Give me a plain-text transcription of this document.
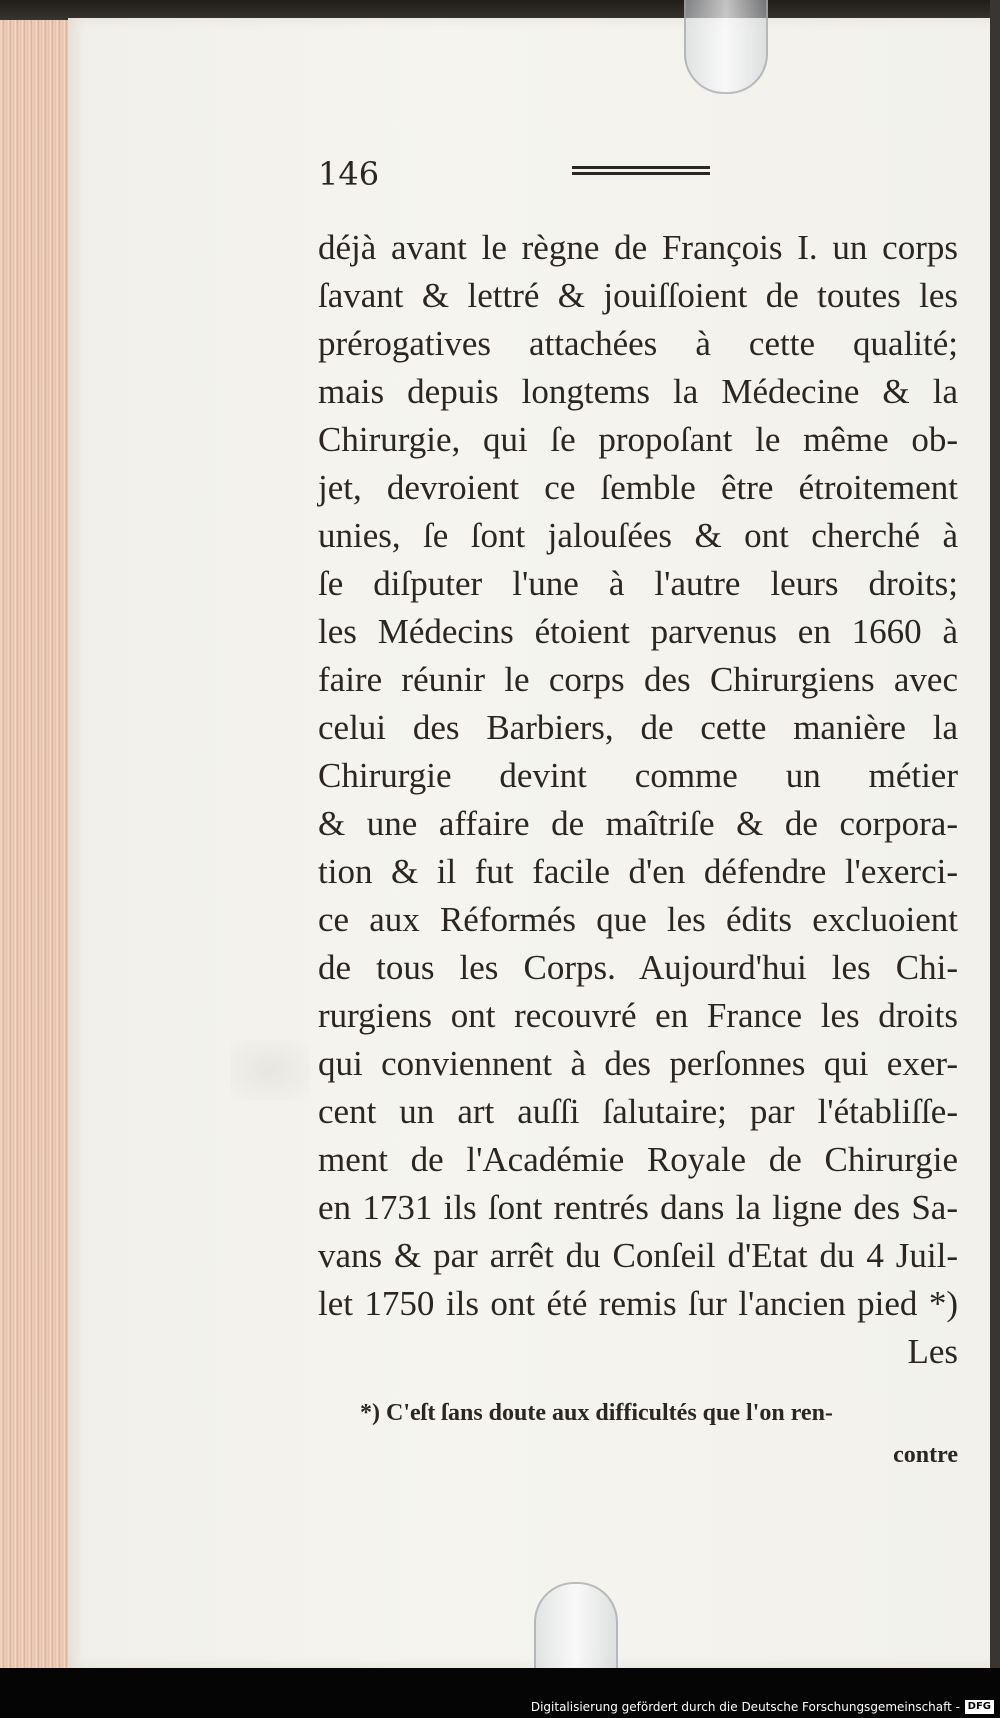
146
déjà avant le règne de François I. un corps
ſavant & lettré & jouiſſoient de toutes les
prérogatives attachées à cette qualité;
mais depuis longtems la Médecine & la
Chirurgie, qui ſe propoſant le même ob-
jet, devroient ce ſemble être étroitement
unies, ſe ſont jalouſées & ont cherché à
ſe diſputer l'une à l'autre leurs droits;
les Médecins étoient parvenus en 1660 à
faire réunir le corps des Chirurgiens avec
celui des Barbiers, de cette manière la
Chirurgie devint comme un métier
& une affaire de maîtriſe & de corpora-
tion & il fut facile d'en défendre l'exerci-
ce aux Réformés que les édits excluoient
de tous les Corps. Aujourd'hui les Chi-
rurgiens ont recouvré en France les droits
qui conviennent à des perſonnes qui exer-
cent un art auſſi ſalutaire; par l'établiſſe-
ment de l'Académie Royale de Chirurgie
en 1731 ils ſont rentrés dans la ligne des Sa-
vans & par arrêt du Conſeil d'Etat du 4 Juil-
let 1750 ils ont été remis ſur l'ancien pied *)
Les
*) C'eſt ſans doute aux difficultés que l'on ren-
contre
Digitalisierung gefördert durch die Deutsche Forschungsgemeinschaft - DFG
